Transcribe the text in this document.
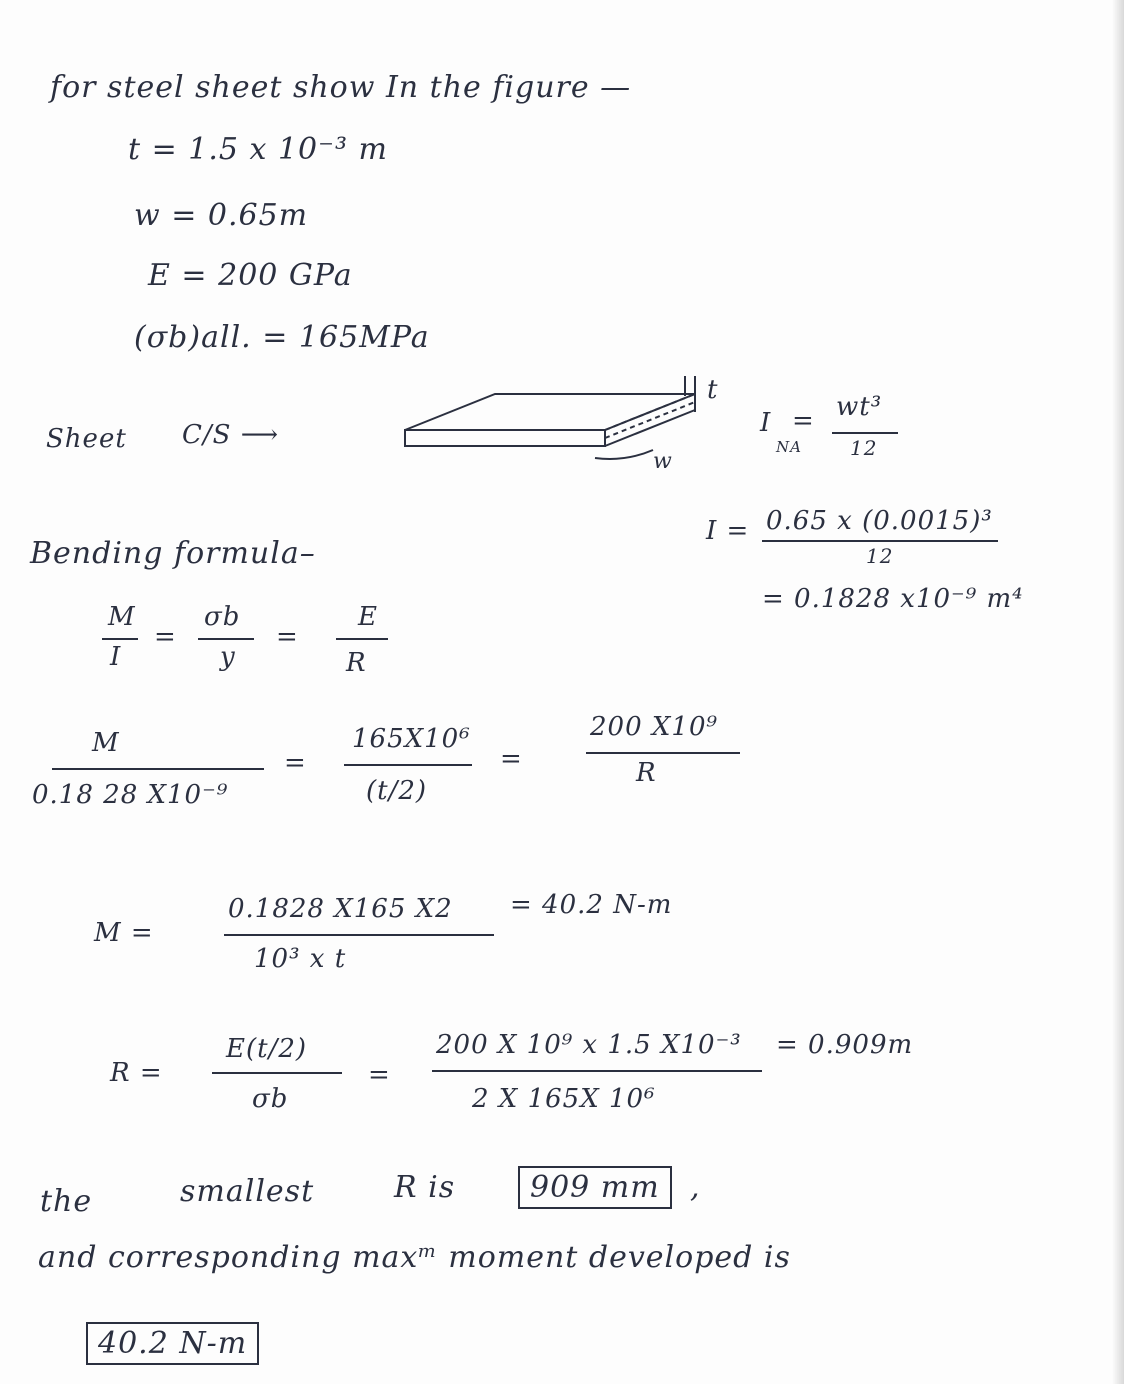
for steel sheet show In the figure —
t = 1.5 x 10⁻³ m
w = 0.65m
E = 200 GPa
(σb)all. = 165MPa
Sheet C/S ⟶
t
w
I
NA
= wt³
12
I = 0.65 x (0.0015)³
12
= 0.1828 x10⁻⁹ m⁴
Bending formula–
M
I
=
σb
y
=
E
R
M
0.18 28 X10⁻⁹
=
165X10⁶
(t/2)
=
200 X10⁹
R
M =
0.1828 X165 X2
10³ x t
= 40.2 N-m
R =
E(t/2)
σb
=
200 X 10⁹ x 1.5 X10⁻³
2 X 165X 10⁶
= 0.909m
the	smallest	R is	909 mm	,
and corresponding maxᵐ moment developed is
40.2 N-m
